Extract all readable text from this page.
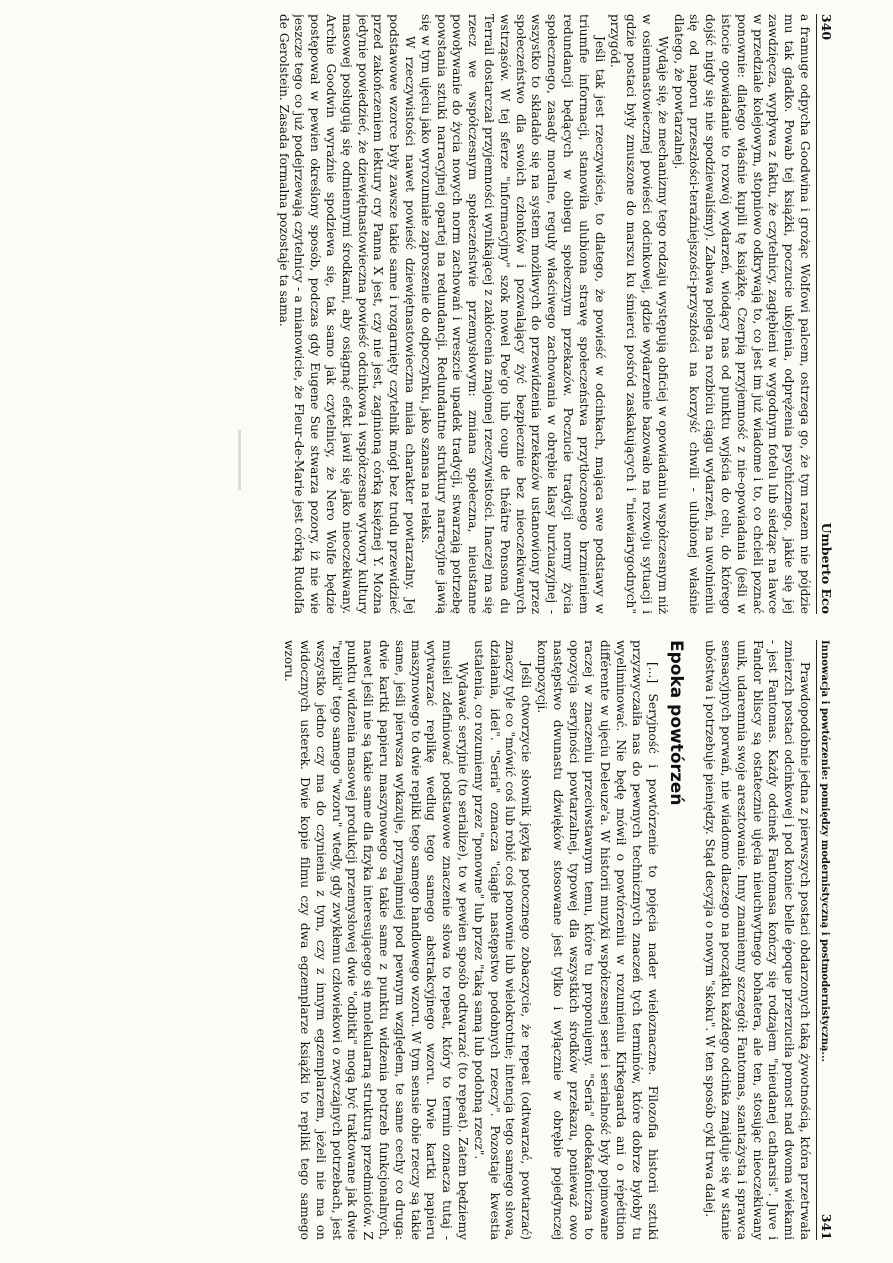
340
Umberto Eco

a framuge odpycha Goodwina i grożąc Wolfowi palcem, ostrzega go, że tym razem nie pójdzie mu tak gładko. Powab tej książki, poczucie ukojenia, odprężenia psychicznego, jakie się jej zawdzięcza, wypływa z faktu, że czytelnicy, zagłębieni w wygodnym fotelu lub siedząc na ławce w przedziale kolejowym, stopniowo odkrywają to, co jest im już wiadome i to, co chcieli poznać ponownie: dlatego właśnie kupili tę książkę. Czerpią przyjemność z nie-opowiadania (jeśli w istocie opowiadanie to rozwój wydarzeń, wiodący nas od punktu wyjścia do celu, do którego dojść nigdy się nie spodziewaliśmy). Zabawa polega na rozbiciu ciągu wydarzeń, na uwolnieniu się od naporu przeszłości-teraźniejszości-przyszłości na korzyść chwili - ulubionej właśnie dlatego, że powtarzalnej.

Wydaje się, że mechanizmy tego rodzaju występują obficiej w opowiadaniu współczesnym niż w osiemnastowiecznej powieści odcinkowej, gdzie wydarzenie bazowało na rozwoju sytuacji i gdzie postaci były zmuszone do marszu ku śmierci pośród zaskakujących i "niewiarygodnych" przygód.

Jeśli tak jest rzeczywiście, to dlatego, że powieść w odcinkach, mająca swe podstawy w triumfie informacji, stanowiła ulubiona strawę społeczeństwa przytłoczonego brzmieniem redundancji będących w obiegu społecznym przekazów. Poczucie tradycji normy życia społecznego, zasady moralne, reguły właściwego zachowania w obrębie klasy burżuazyjnej - wszystko to składało się na system możliwych do przewidzenia przekazów ustanowiony przez społeczeństwo dla swoich członków i pozwalający żyć bezpiecznie bez nieoczekiwanych wstrząsów. W tej sferze "informacyjny" szok nowel Poe'go lub coup de théâtre Ponsona du Terrail dostarczał przyjemności wynikającej z zakłócenia znajomej rzeczywistości. Inaczej ma się rzecz we współczesnym społeczeństwie przemysłowym: zmiana społeczna, nieustanne powoływanie do życia nowych norm zachowań i wreszcie upadek tradycji, stwarzają potrzebę powstania sztuki narracyjnej opartej na redundancji. Redundantne struktury narracyjne jawią się w tym ujęciu jako wyrozumiałe zaproszenie do odpoczynku, jako szansa na relaks.

W rzeczywistości nawet powieść dziewiętnastowieczna miała charakter powtarzalny. Jej podstawowe wzorce były zawsze takie same i rozgarnięty czytelnik mógł bez trudu przewidzieć przed zakończeniem lektury cry Panna X jest, czy nie jest, zaginioną córką księżnej Y. Można jedynie powiedzieć, że dziewiętnastowieczna powieść odcinkowa i współczesne wytwory kultury masowej posługują się odmiennymi środkami, aby osiągnąć efekt jawił się jako nieoczekiwany. Archie Goodwin wyraźnie spodziewa się, tak samo jak czytelnicy, że Nero Wolfe będzie postępował w pewien określony sposób, podczas gdy Eugene Sue stwarza pozory, iż nie wie jeszcze tego co już podejrzewają czytelnicy - a mianowicie, że Fleur-de-Marie jest córką Rudolfa de Gerolstein. Zasada formalna pozostaje ta sama.

Innowacja i powtórzenie: pomiędzy modernistyczną i postmodernistyczną...
341

Prawdopodobnie jedna z pierwszych postaci obdarzonych taką żywotnością, która przetrwała zmierzch postaci odcinkowej i pod koniec belle époque przerzuciła pomost nad dwoma wiekami - jest Fantomas. Każdy odcinek Fantomasa kończy się rodzajem "nieudanej catharsis". Juve i Fandor bliscy są ostatecznie ujęcia nieuchwytnego bohatera, ale ten, stosując nieoczekiwany unik, udaremnia swoje aresztowanie. Inny znamienny szczegół: Fantomas, szantażysta i sprawca sensacyjnych porwań, nie wiadomo dlaczego na początku każdego odcinka znajduje się w stanie ubóstwa i potrzebuje pieniędzy. Stąd decyzja o nowym "skoku". W ten sposób cykl trwa dalej.

Epoka powtórzeń

[...] Seryjność i powtórzenie to pojęcia nader wieloznaczne. Filozofia historii sztuki przyzwyczaiła nas do pewnych technicznych znaczeń tych terminów, które dobrze byłoby tu wyeliminować. Nie będę mówił o powtórzeniu w rozumieniu Kirkegaarda ani o répétition différente w ujęciu Deleuze'a. W historii muzyki współczesnej serie i serialność były pojmowane raczej w znaczeniu przeciwstawnym temu, które tu proponujemy. "Seria" dodekafoniczna to opozycja seryjności powtarzalnej, typowej dla wszystkich środków przekazu, ponieważ owo następstwo dwunastu dźwięków stosowane jest tylko i wyłącznie w obrębie pojedynczej kompozycji.

Jeśli otworzycie słownik języka potocznego zobaczycie, że repeat (odtwarzać, powtarzać) znaczy tyle co "mówić coś lub robić coś ponownie lub wielokrotnie; intencja tego samego słowa, działania, idei". "Seria" oznacza "ciągłe następstwo podobnych rzeczy". Pozostaje kwestia ustalenia, co rozumiemy przez "ponowne" lub przez "taką samą lub podobną rzecz".

Wydawać seryjnie (to serialize), to w pewien sposób odtwarzać (to repeat). Zatem będziemy musieli zdefiniować podstawowe znaczenie słowa to repeat, który to termin oznacza tutaj - wytwarzać replikę według tego samego abstrakcyjnego wzoru. Dwie kartki papieru maszynowego to dwie repliki tego samego handlowego wzoru. W tym sensie obie rzeczy są takie same, jeśli pierwsza wykazuje, przynajmniej pod pewnym względem, te same cechy co druga: dwie kartki papieru maszynowego są takie same z punktu widzenia potrzeb funkcjonalnych, nawet jeśli nie są takie same dla fizyka interesującego się molekularną strukturą przedmiotów. Z punktu widzenia masowej produkcji przemysłowej dwie "odbitki" mogą być traktowane jak dwie "repliki" tego samego "wzoru" wtedy, gdy zwykłemu człowiekowi o zwyczajnych potrzebach, jest wszystko jedno czy ma do czynienia z tym, czy z innym egzemplarzem, jeżeli nie ma on widocznych usterek. Dwie kopie filmu czy dwa egzemplarze książki to repliki tego samego wzoru.
